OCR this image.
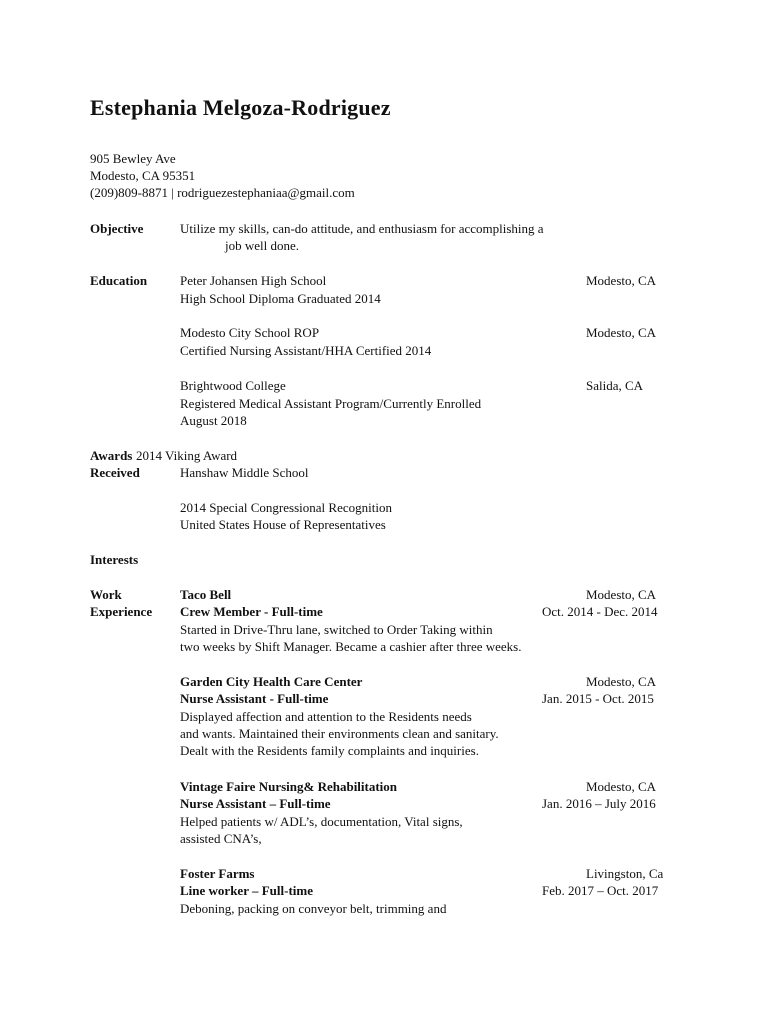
Estephania Melgoza-Rodriguez
905 Bewley Ave
Modesto, CA 95351
(209)809-8871 | rodriguezestephaniaa@gmail.com
Objective	Utilize my skills, can-do attitude, and enthusiasm for accomplishing a
job well done.
Education	Peter Johansen High School	Modesto, CA
High School Diploma Graduated 2014
Modesto City School ROP	Modesto, CA
Certified Nursing Assistant/HHA Certified 2014
Brightwood College	Salida, CA
Registered Medical Assistant Program/Currently Enrolled
August 2018
Awards 2014 Viking Award
Received	Hanshaw Middle School
2014 Special Congressional Recognition
United States House of Representatives
Interests
Work
Experience
Taco Bell	Modesto, CA
Crew Member - Full-time	Oct. 2014 - Dec. 2014
Started in Drive-Thru lane, switched to Order Taking within
two weeks by Shift Manager. Became a cashier after three weeks.
Garden City Health Care Center	Modesto, CA
Nurse Assistant - Full-time	Jan. 2015 - Oct. 2015
Displayed affection and attention to the Residents needs
and wants. Maintained their environments clean and sanitary.
Dealt with the Residents family complaints and inquiries.
Vintage Faire Nursing& Rehabilitation	Modesto, CA
Nurse Assistant – Full-time	Jan. 2016 – July 2016
Helped patients w/ ADL’s, documentation, Vital signs,
assisted CNA’s,
Foster Farms	Livingston, Ca
Line worker – Full-time	Feb. 2017 – Oct. 2017
Deboning, packing on conveyor belt, trimming and
